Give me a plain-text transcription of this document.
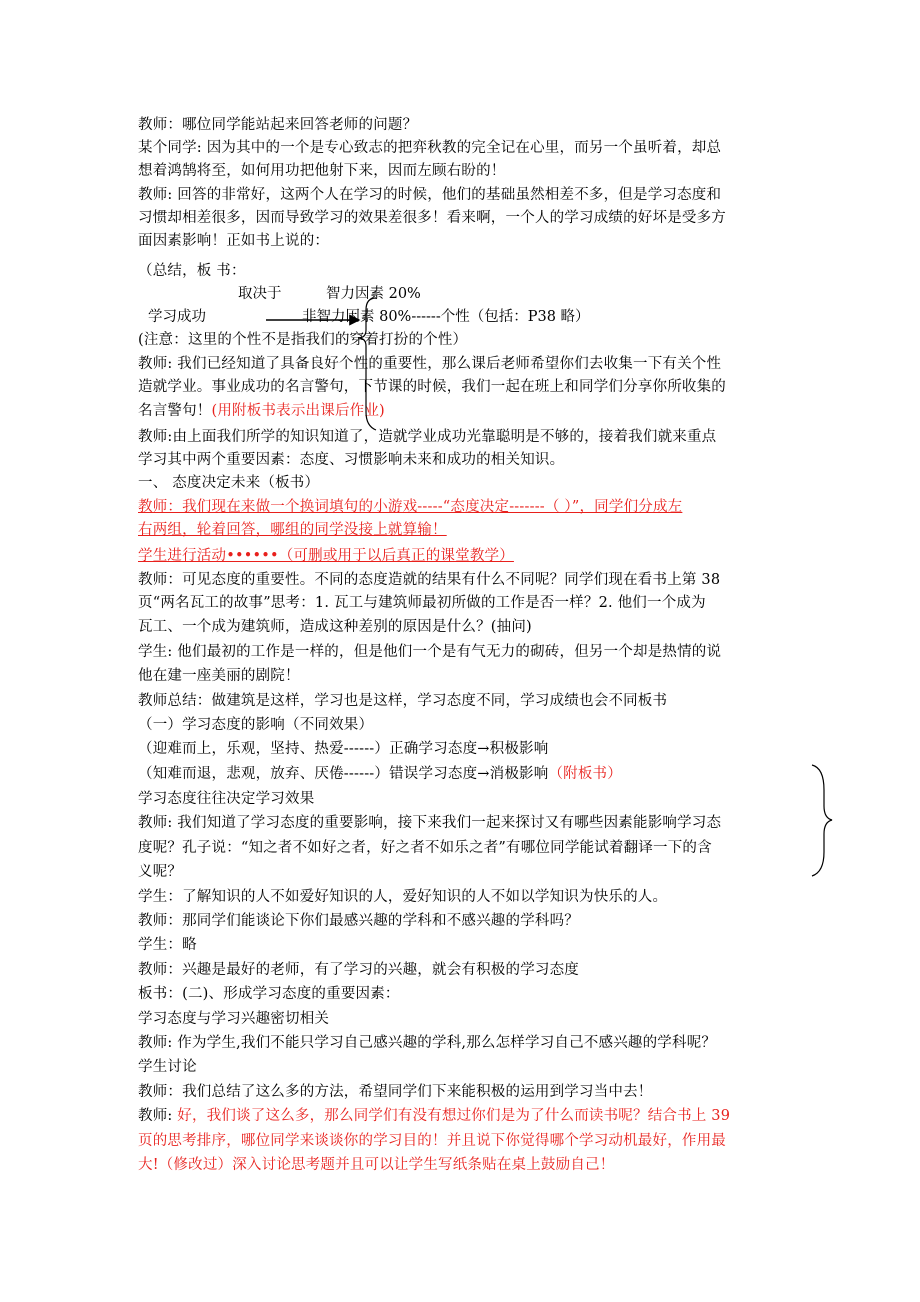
教师：哪位同学能站起来回答老师的问题？
某个同学: 因为其中的一个是专心致志的把弈秋教的完全记在心里，而另一个虽听着，却总
想着鸿鹄将至，如何用功把他射下来，因而左顾右盼的！
教师: 回答的非常好，这两个人在学习的时候，他们的基础虽然相差不多，但是学习态度和
习惯却相差很多，因而导致学习的效果差很多！看来啊，一个人的学习成绩的好坏是受多方
面因素影响！正如书上说的：
（总结，板 书：
取决于	智力因素 20%
学习成功	非智力因素 80%------个性（包括：P38 略）
(注意：这里的个性不是指我们的穿着打扮的个性）
教师: 我们已经知道了具备良好个性的重要性，那么课后老师希望你们去收集一下有关个性
造就学业。事业成功的名言警句，下节课的时候，我们一起在班上和同学们分享你所收集的
名言警句！(用附板书表示出课后作业)
教师:由上面我们所学的知识知道了，造就学业成功光靠聪明是不够的，接着我们就来重点
学习其中两个重要因素：态度、习惯影响未来和成功的相关知识。
一、 态度决定未来（板书）
教师：我们现在来做一个换词填句的小游戏-----“态度决定-------（ ）”，同学们分成左
右两组，轮着回答，哪组的同学没接上就算输！
学生进行活动••••••（可删或用于以后真正的课堂教学）
教师：可见态度的重要性。不同的态度造就的结果有什么不同呢？同学们现在看书上第 38
页“两名瓦工的故事”思考：1. 瓦工与建筑师最初所做的工作是否一样？2. 他们一个成为
瓦工、一个成为建筑师，造成这种差别的原因是什么？(抽问)
学生: 他们最初的工作是一样的，但是他们一个是有气无力的砌砖，但另一个却是热情的说
他在建一座美丽的剧院！
教师总结：做建筑是这样，学习也是这样，学习态度不同，学习成绩也会不同板书
（一）学习态度的影响（不同效果）
（迎难而上，乐观，坚持、热爱------）正确学习态度→积极影响
（知难而退，悲观，放弃、厌倦------）错误学习态度→消极影响（附板书）
学习态度往往决定学习效果
教师: 我们知道了学习态度的重要影响，接下来我们一起来探讨又有哪些因素能影响学习态
度呢？孔子说：“知之者不如好之者，好之者不如乐之者”有哪位同学能试着翻译一下的含
义呢？
学生：了解知识的人不如爱好知识的人，爱好知识的人不如以学知识为快乐的人。
教师：那同学们能谈论下你们最感兴趣的学科和不感兴趣的学科吗？
学生：略
教师：兴趣是最好的老师，有了学习的兴趣，就会有积极的学习态度
板书：(二)、形成学习态度的重要因素：
学习态度与学习兴趣密切相关
教师: 作为学生,我们不能只学习自己感兴趣的学科,那么怎样学习自己不感兴趣的学科呢？
学生讨论
教师：我们总结了这么多的方法，希望同学们下来能积极的运用到学习当中去！
教师: 好，我们谈了这么多，那么同学们有没有想过你们是为了什么而读书呢？结合书上 39
页的思考排序，哪位同学来谈谈你的学习目的！并且说下你觉得哪个学习动机最好，作用最
大!（修改过）深入讨论思考题并且可以让学生写纸条贴在桌上鼓励自己！
